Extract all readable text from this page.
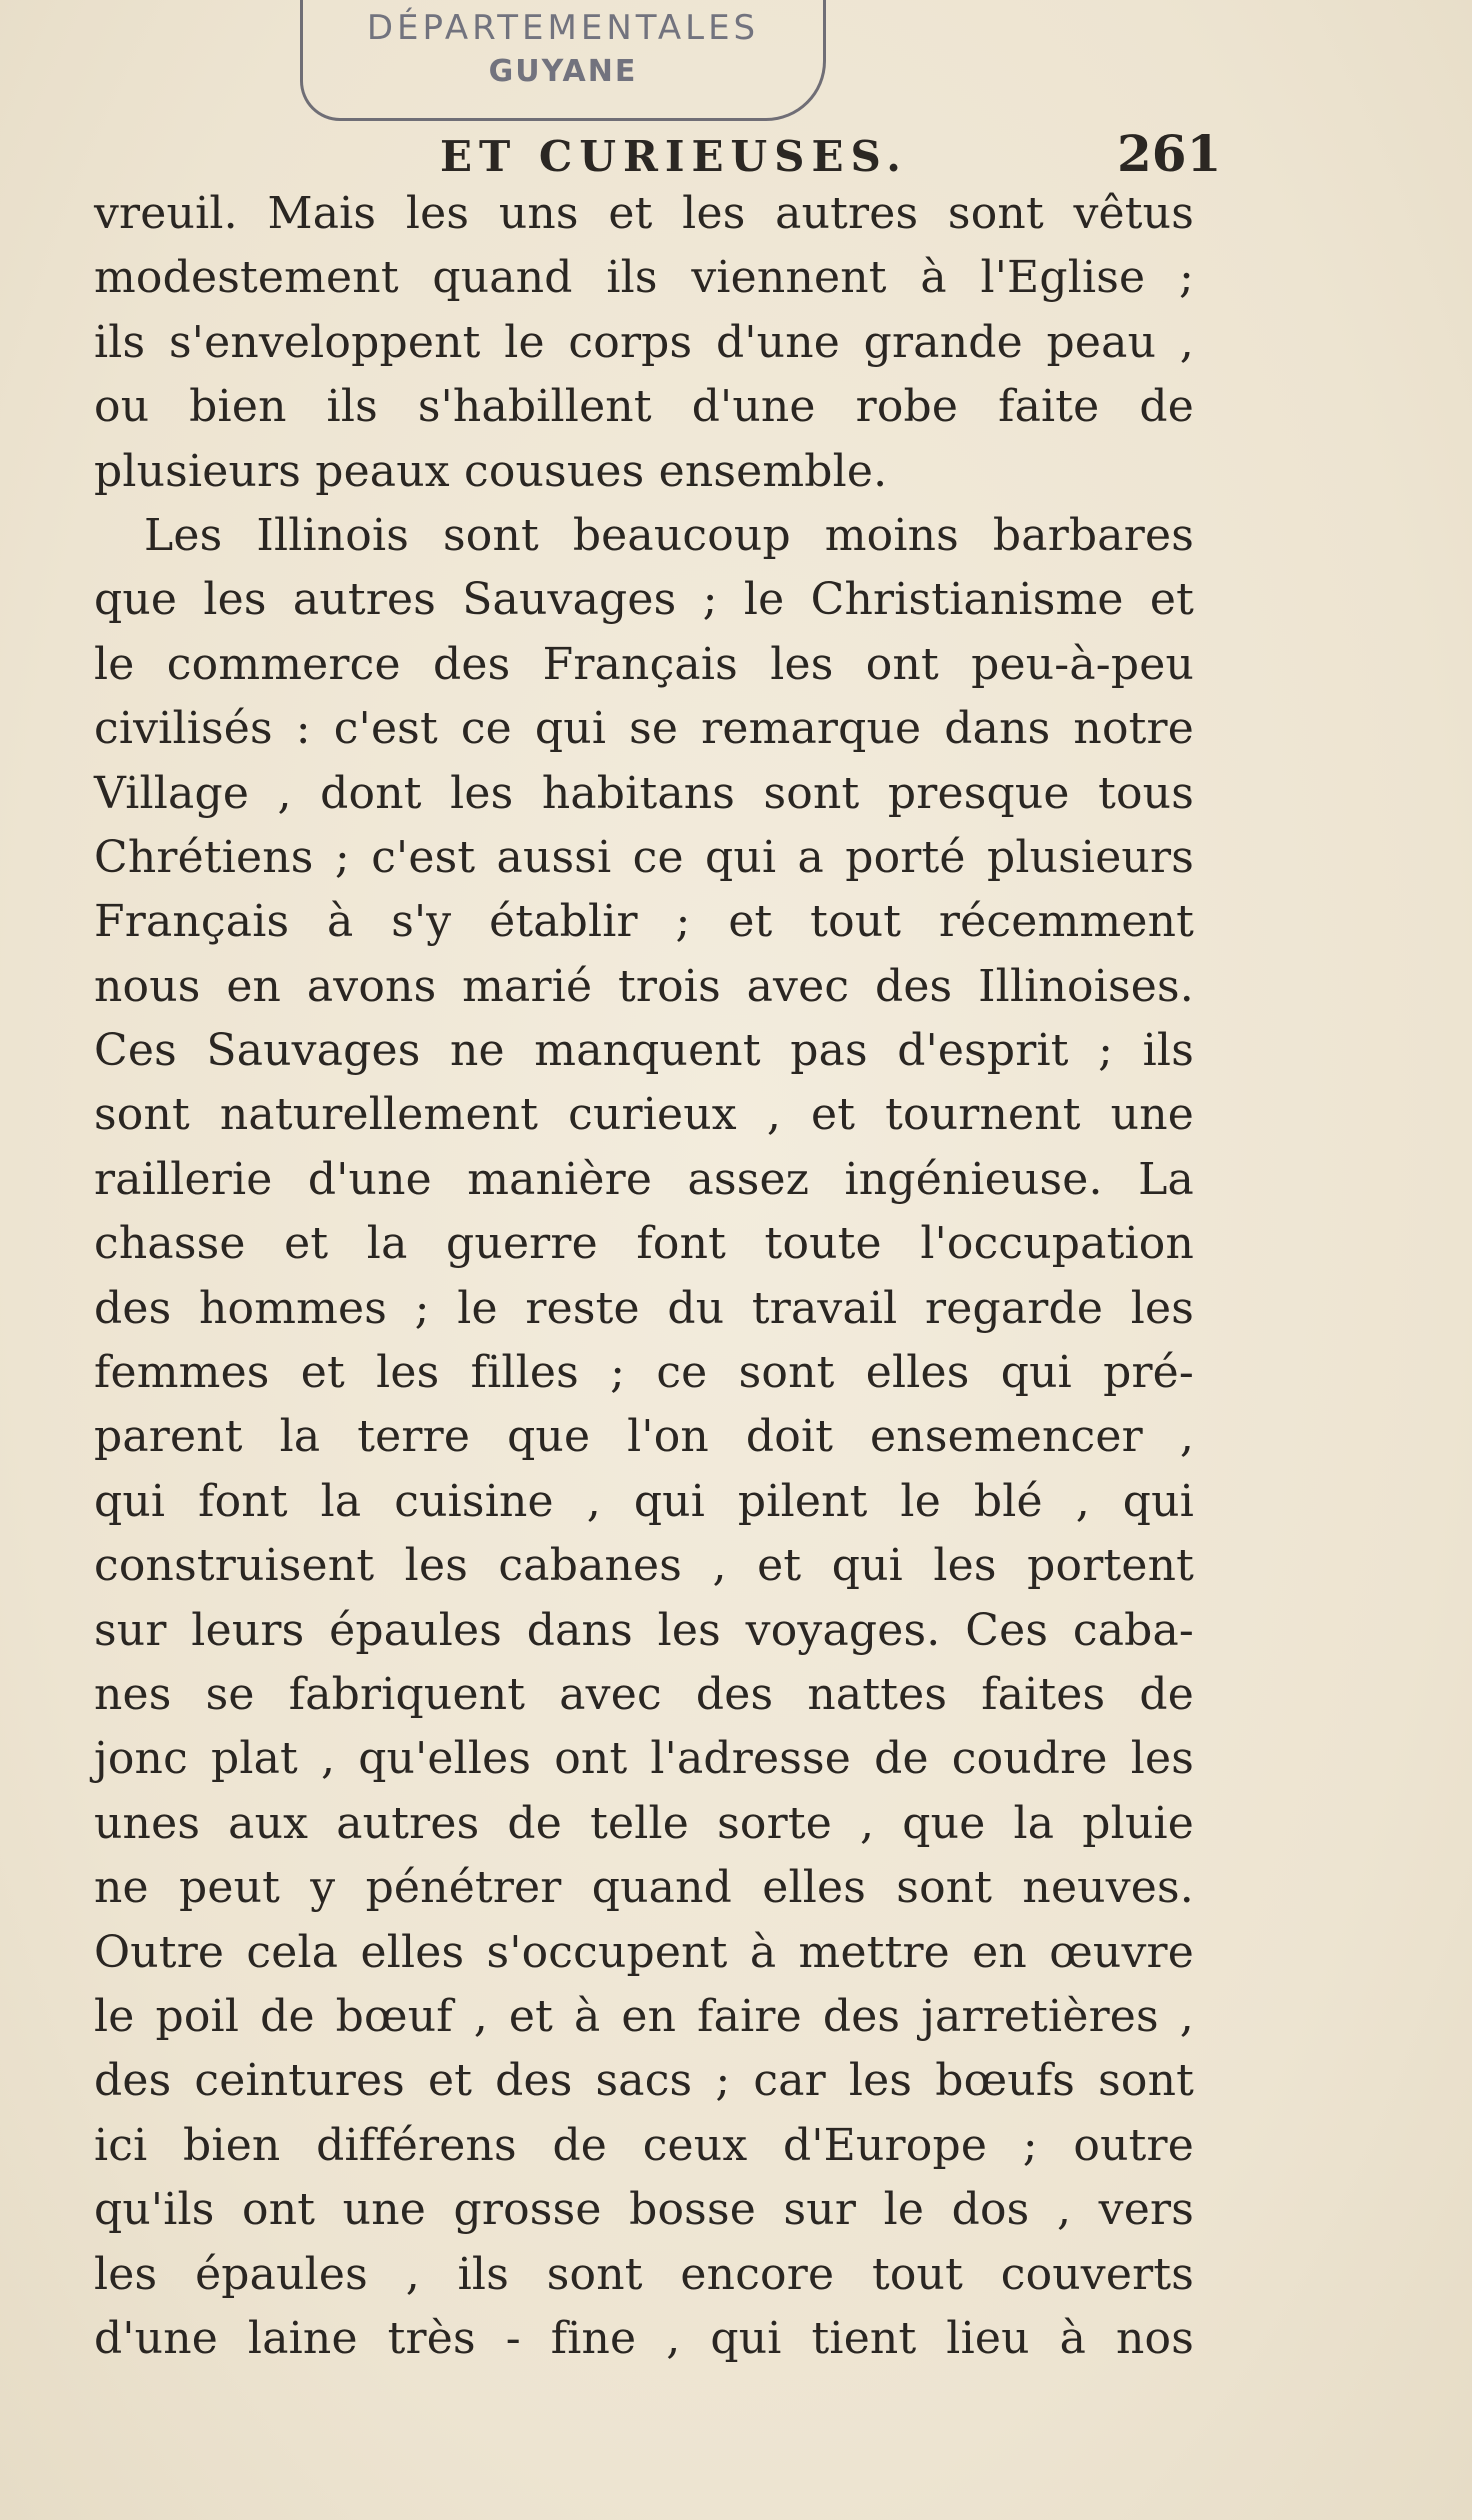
DÉPARTEMENTALES
GUYANE
ET CURIEUSES.	261
vreuil. Mais les uns et les autres sont vêtus
modestement quand ils viennent à l'Eglise ;
ils s'enveloppent le corps d'une grande peau ,
ou bien ils s'habillent d'une robe faite de
plusieurs peaux cousues ensemble.
Les Illinois sont beaucoup moins barbares
que les autres Sauvages ; le Christianisme et
le commerce des Français les ont peu-à-peu
civilisés : c'est ce qui se remarque dans notre
Village , dont les habitans sont presque tous
Chrétiens ; c'est aussi ce qui a porté plusieurs
Français à s'y établir ; et tout récemment
nous en avons marié trois avec des Illinoises.
Ces Sauvages ne manquent pas d'esprit ; ils
sont naturellement curieux , et tournent une
raillerie d'une manière assez ingénieuse. La
chasse et la guerre font toute l'occupation
des hommes ; le reste du travail regarde les
femmes et les filles ; ce sont elles qui pré-
parent la terre que l'on doit ensemencer ,
qui font la cuisine , qui pilent le blé , qui
construisent les cabanes , et qui les portent
sur leurs épaules dans les voyages. Ces caba-
nes se fabriquent avec des nattes faites de
jonc plat , qu'elles ont l'adresse de coudre les
unes aux autres de telle sorte , que la pluie
ne peut y pénétrer quand elles sont neuves.
Outre cela elles s'occupent à mettre en œuvre
le poil de bœuf , et à en faire des jarretières ,
des ceintures et des sacs ; car les bœufs sont
ici bien différens de ceux d'Europe ; outre
qu'ils ont une grosse bosse sur le dos , vers
les épaules , ils sont encore tout couverts
d'une laine très - fine , qui tient lieu à nos
